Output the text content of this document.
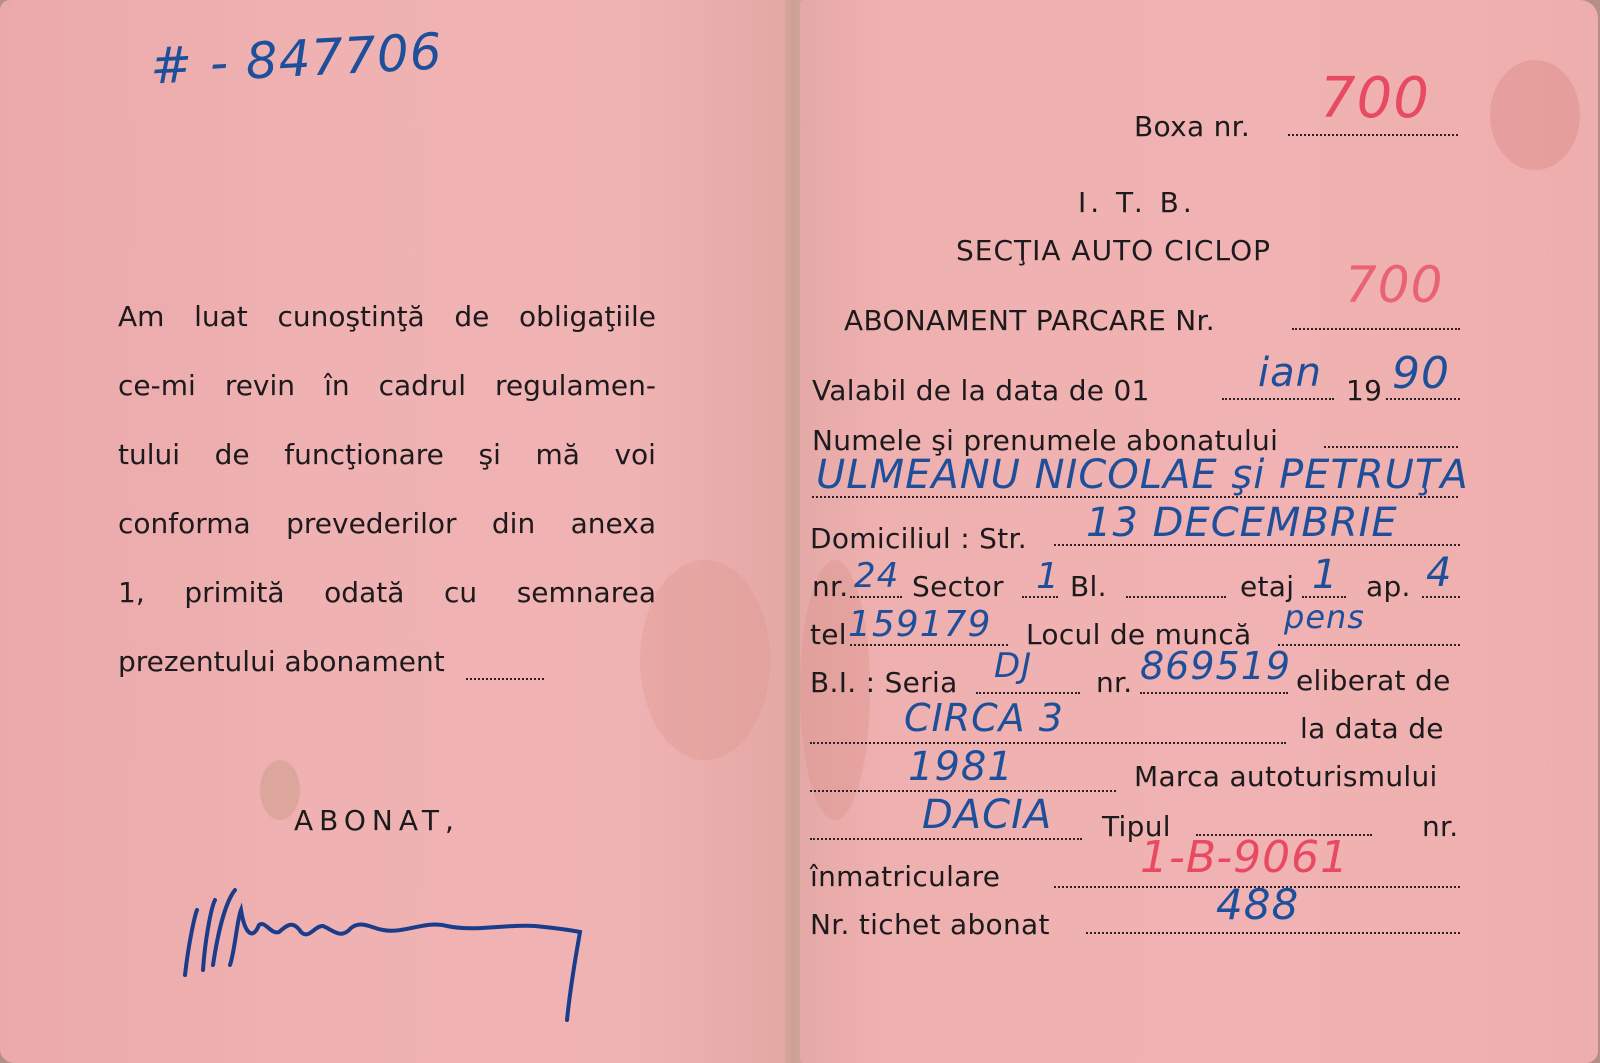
# - 847706
Am luat cunoştinţă de obligaţiile
ce-mi revin în cadrul regulamen-
tului de funcţionare şi mă voi
conforma prevederilor din anexa
1, primită odată cu semnarea
prezentului abonament
ABONAT,
Boxa nr. 700
I. T. B.
SECŢIA AUTO CICLOP
ABONAMENT PARCARE Nr.
700
Valabil de la data de 01	ian 19 90
Numele şi prenumele abonatului
ULMEANU NICOLAE şi PETRUŢA
Domiciliul : Str. 13 DECEMBRIE
nr. 24 Sector 1 Bl.	etaj 1 ap. 4
tel 159179 Locul de muncă pens
B.I. : Seria DJ nr. 869519 eliberat de
CIRCA 3	la data de
1981	Marca autoturismului
DACIA Tipul	nr.
înmatriculare	1-B-9061
Nr. tichet abonat	488
